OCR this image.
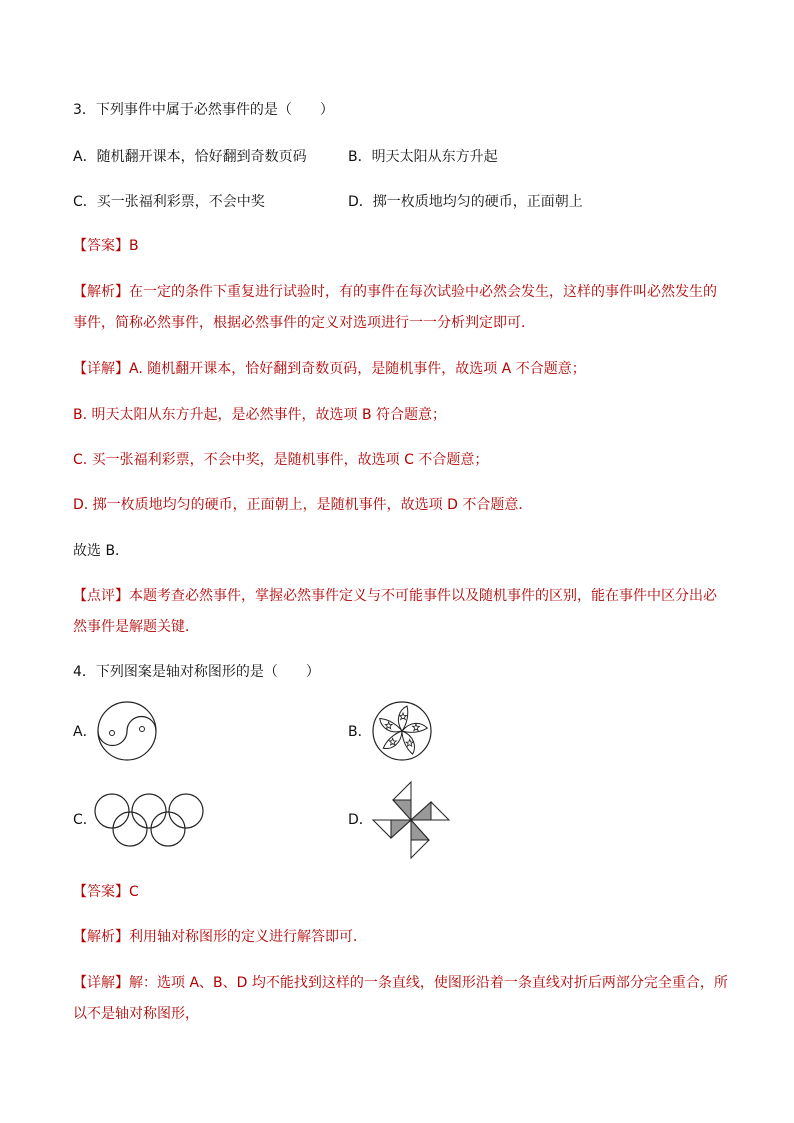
3．下列事件中属于必然事件的是（　　）
A．随机翻开课本，恰好翻到奇数页码	B．明天太阳从东方升起
C．买一张福利彩票，不会中奖	D．掷一枚质地均匀的硬币，正面朝上
【答案】B
【解析】在一定的条件下重复进行试验时，有的事件在每次试验中必然会发生，这样的事件叫必然发生的
事件，简称必然事件，根据必然事件的定义对选项进行一一分析判定即可．
【详解】A. 随机翻开课本，恰好翻到奇数页码，是随机事件，故选项 A 不合题意；
B. 明天太阳从东方升起，是必然事件，故选项 B 符合题意；
C. 买一张福利彩票，不会中奖，是随机事件，故选项 C 不合题意；
D. 掷一枚质地均匀的硬币，正面朝上，是随机事件，故选项 D 不合题意．
故选 B．
【点评】本题考查必然事件，掌握必然事件定义与不可能事件以及随机事件的区别，能在事件中区分出必
然事件是解题关键．
4．下列图案是轴对称图形的是（　　）
A．	B．
C．	D．
【答案】C
【解析】利用轴对称图形的定义进行解答即可．
【详解】解：选项 A、B、D 均不能找到这样的一条直线，使图形沿着一条直线对折后两部分完全重合，所
以不是轴对称图形，
